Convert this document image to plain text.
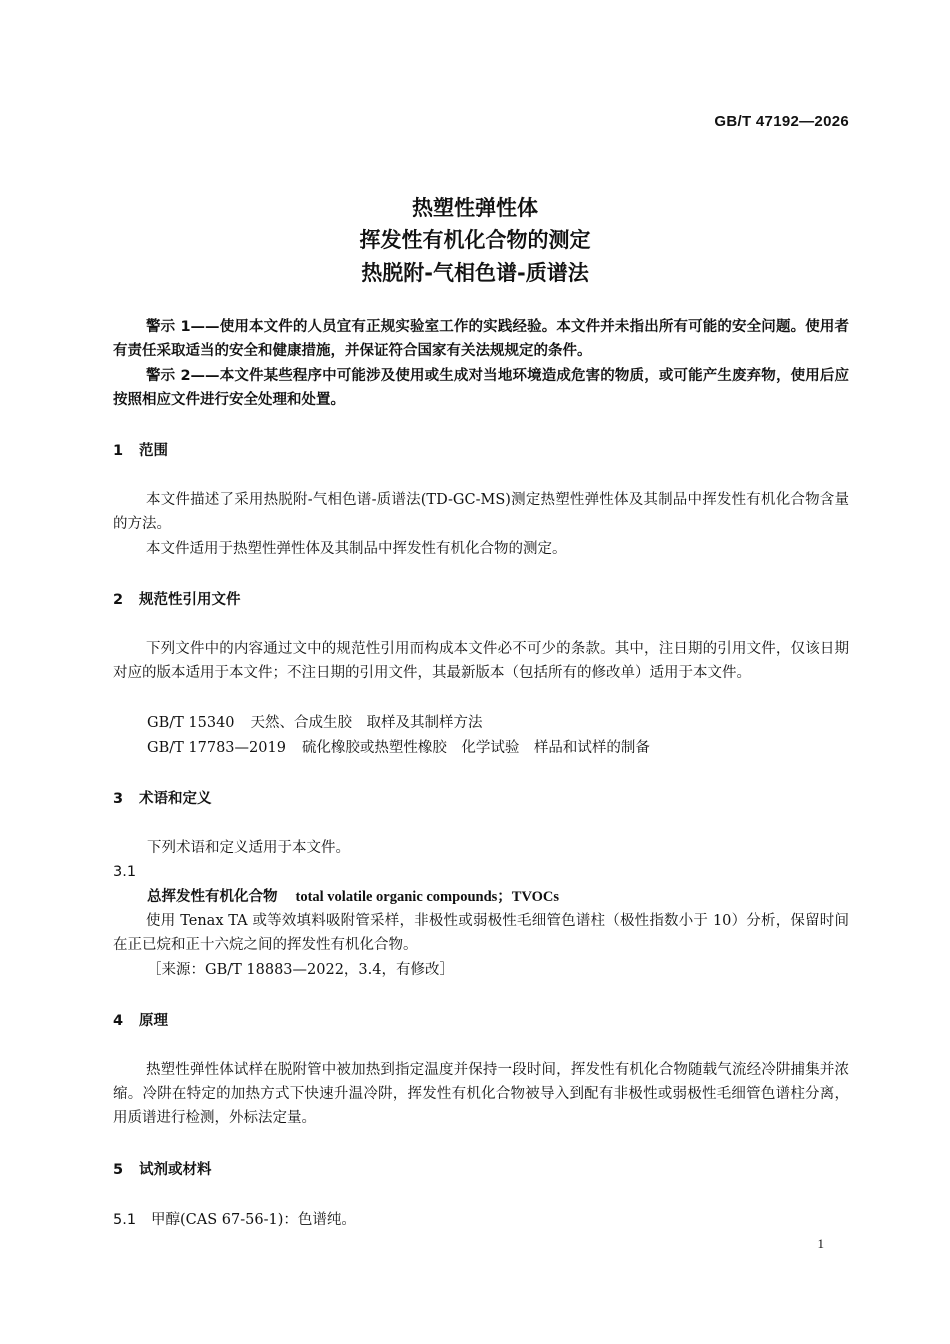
GB/T 47192—2026
热塑性弹性体
挥发性有机化合物的测定
热脱附-气相色谱-质谱法
警示 1——使用本文件的人员宜有正规实验室工作的实践经验。本文件并未指出所有可能的安全问题。使用者有责任采取适当的安全和健康措施，并保证符合国家有关法规规定的条件。
警示 2——本文件某些程序中可能涉及使用或生成对当地环境造成危害的物质，或可能产生废弃物，使用后应按照相应文件进行安全处理和处置。
1 范围
本文件描述了采用热脱附-气相色谱-质谱法(TD-GC-MS)测定热塑性弹性体及其制品中挥发性有机化合物含量的方法。
本文件适用于热塑性弹性体及其制品中挥发性有机化合物的测定。
2 规范性引用文件
下列文件中的内容通过文中的规范性引用而构成本文件必不可少的条款。其中，注日期的引用文件，仅该日期对应的版本适用于本文件；不注日期的引用文件，其最新版本（包括所有的修改单）适用于本文件。
GB/T 15340 天然、合成生胶　取样及其制样方法
GB/T 17783—2019 硫化橡胶或热塑性橡胶　化学试验　样品和试样的制备
3 术语和定义
下列术语和定义适用于本文件。
3.1
总挥发性有机化合物 total volatile organic compounds；TVOCs
使用 Tenax TA 或等效填料吸附管采样，非极性或弱极性毛细管色谱柱（极性指数小于 10）分析，保留时间在正已烷和正十六烷之间的挥发性有机化合物。
［来源：GB/T 18883—2022，3.4，有修改］
4 原理
热塑性弹性体试样在脱附管中被加热到指定温度并保持一段时间，挥发性有机化合物随载气流经冷阱捕集并浓缩。冷阱在特定的加热方式下快速升温冷阱，挥发性有机化合物被导入到配有非极性或弱极性毛细管色谱柱分离，用质谱进行检测，外标法定量。
5 试剂或材料
5.1 甲醇(CAS 67-56-1)：色谱纯。
1
